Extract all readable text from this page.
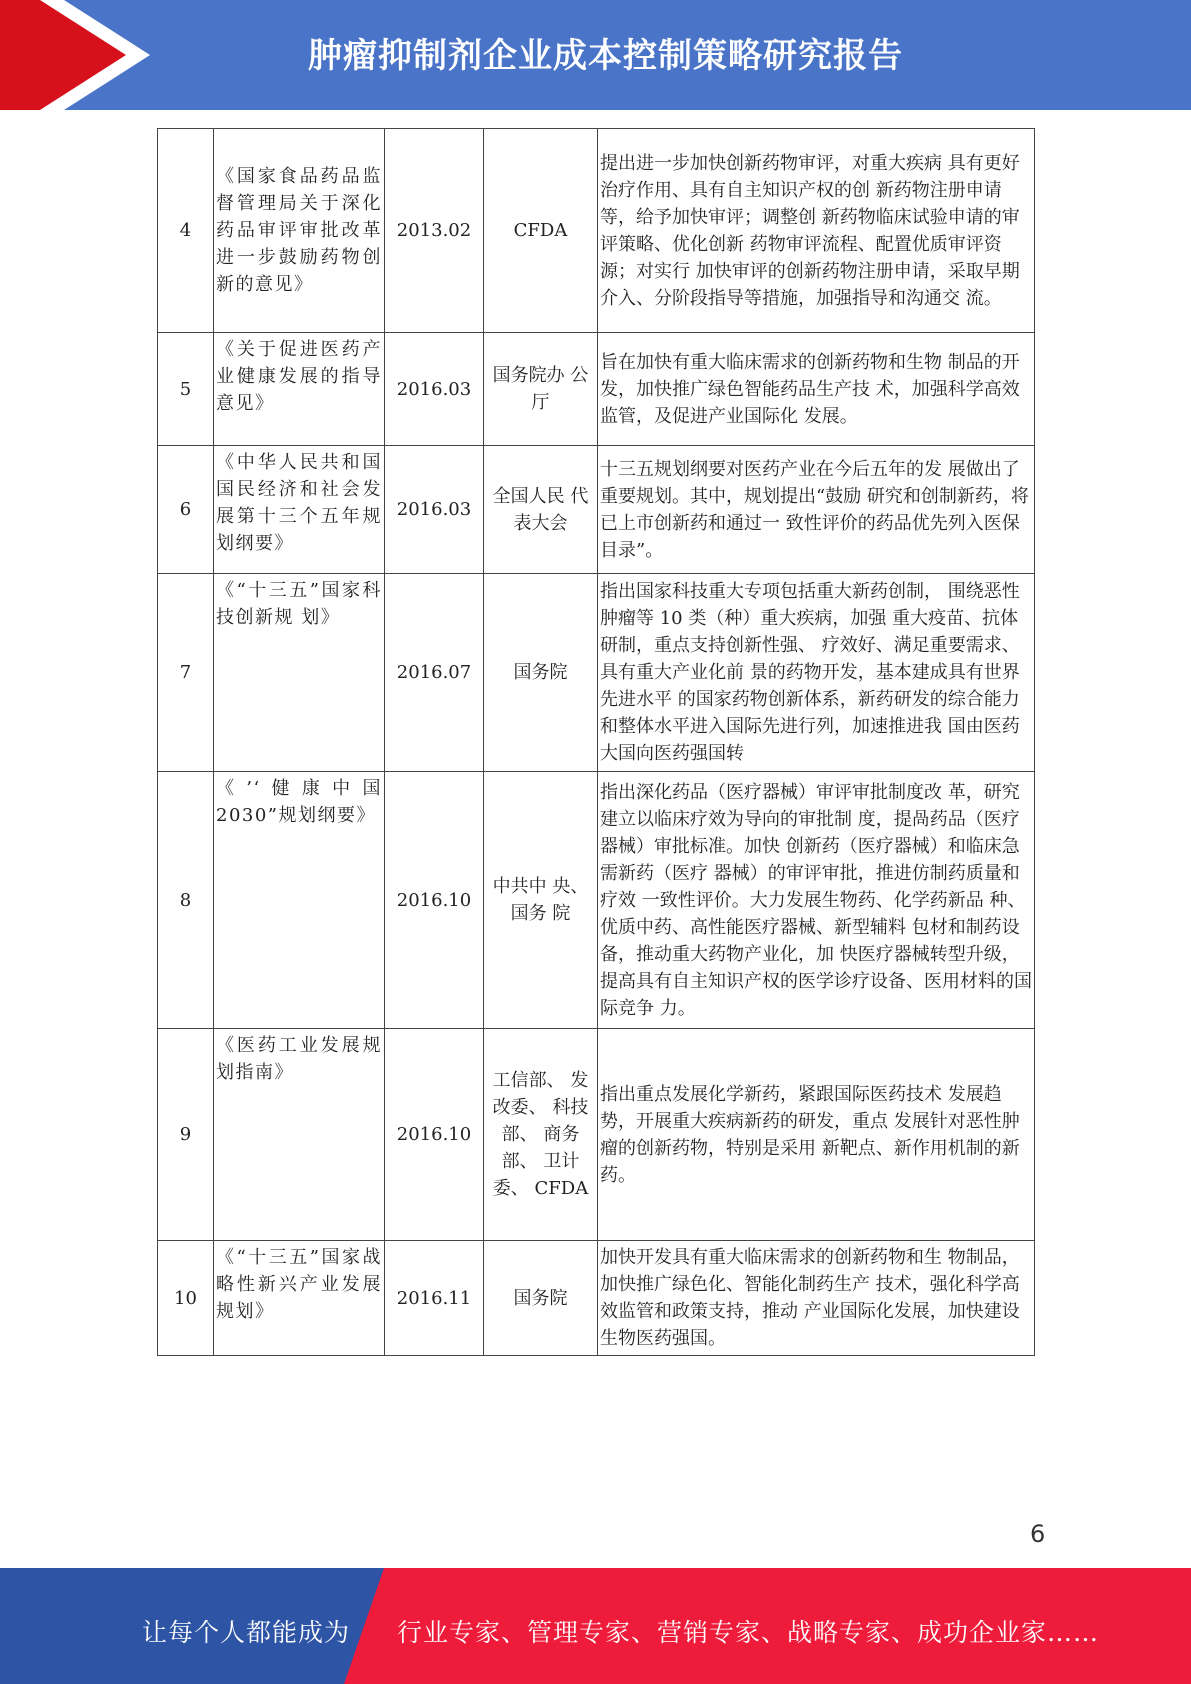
肿瘤抑制剂企业成本控制策略研究报告
4	《国家食品药品监督管理局关于深化药品审评审批改革进一步鼓励药物创新的意见》	2013.02	CFDA	提出进一步加快创新药物审评，对重大疾病 具有更好治疗作用、具有自主知识产权的创 新药物注册申请等，给予加快审评；调整创 新药物临床试验申请的审评策略、优化创新 药物审评流程、配置优质审评资源；对实行 加快审评的创新药物注册申请，采取早期介入、分阶段指导等措施，加强指导和沟通交 流。
5	《关于促进医药产业健康发展的指导意见》	2016.03	国务院办 公厅	旨在加快有重大临床需求的创新药物和生物 制品的开发，加快推广绿色智能药品生产技 术，加强科学高效监管，及促进产业国际化 发展。
6	《中华人民共和国国民经济和社会发展第十三个五年规划纲要》	2016.03	全国人民 代表大会	十三五规划纲要对医药产业在今后五年的发 展做出了重要规划。其中，规划提出“鼓励 研究和创制新药，将已上市创新药和通过一 致性评价的药品优先列入医保目录”。
7	《“十三五”国家科技创新规 划》	2016.07	国务院	指出国家科技重大专项包括重大新药创制， 围绕恶性肿瘤等 10 类（种）重大疾病，加强 重大疫苗、抗体研制，重点支持创新性强、 疗效好、满足重要需求、具有重大产业化前 景的药物开发，基本建成具有世界先进水平 的国家药物创新体系，新药研发的综合能力 和整体水平进入国际先进行列，加速推进我 国由医药大国向医药强国转
8	《’‘健康中国2030”规划纲要》	2016.10	中共中 央、国务 院	指出深化药品（医疗器械）审评审批制度改 革，研究建立以临床疗效为导向的审批制 度，提咼药品（医疗器械）审批标准。加快 创新药（医疗器械）和临床急需新药（医疗 器械）的审评审批，推进仿制药质量和疗效 一致性评价。大力发展生物药、化学药新品 种、优质中药、高性能医疗器械、新型辅料 包材和制药设备，推动重大药物产业化，加 快医疗器械转型升级，提高具有自主知识产权的医学诊疗设备、医用材料的国际竞争 力。
9	《医药工业发展规划指南》	2016.10	工信部、 发改委、 科技部、 商务部、 卫计委、 CFDA	指出重点发展化学新药，紧跟国际医药技术 发展趋势，开展重大疾病新药的研发，重点 发展针对恶性肿瘤的创新药物，特别是采用 新靶点、新作用机制的新药。
10	《“十三五”国家战略性新兴产业发展规划》	2016.11	国务院	加快开发具有重大临床需求的创新药物和生 物制品，加快推广绿色化、智能化制药生产 技术，强化科学高效监管和政策支持，推动 产业国际化发展，加快建设生物医药强国。
6
让每个人都能成为 行业专家、管理专家、营销专家、战略专家、成功企业家……
